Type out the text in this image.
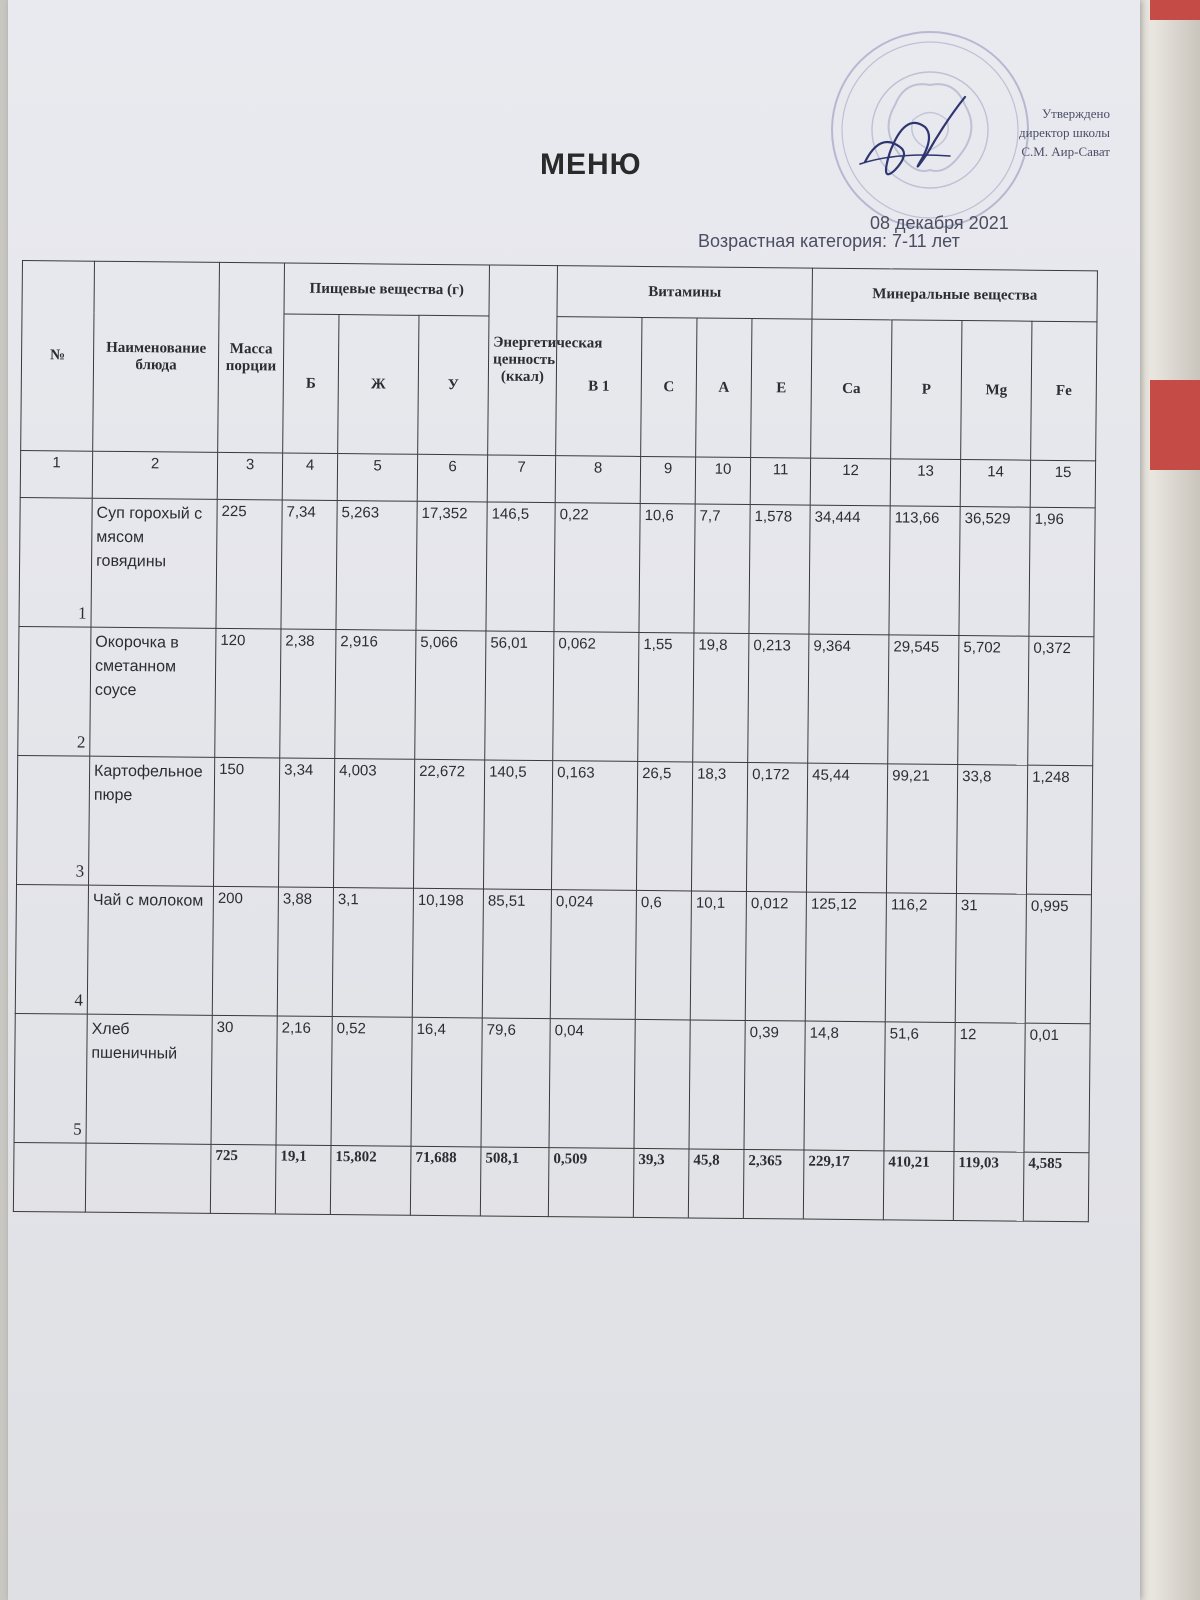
Утверждено
директор школы
С.М. Аир-Сават
МЕНЮ
08 декабря 2021
Возрастная категория: 7-11 лет
№	Наименование блюда	Масса порции	Пищевые вещества (г)			Энергетическая ценность (ккал)	Витамины				Минеральные вещества			
			Б	Ж	У		В 1	С	А	Е	Ca	P	Mg	Fe
1	2	3	4	5	6	7	8	9	10	11	12	13	14	15
1	Суп горохый с мясом говядины	225	7,34	5,263	17,352	146,5	0,22	10,6	7,7	1,578	34,444	113,66	36,529	1,96
2	Окорочка в сметанном соусе	120	2,38	2,916	5,066	56,01	0,062	1,55	19,8	0,213	9,364	29,545	5,702	0,372
3	Картофельное пюре	150	3,34	4,003	22,672	140,5	0,163	26,5	18,3	0,172	45,44	99,21	33,8	1,248
4	Чай с молоком	200	3,88	3,1	10,198	85,51	0,024	0,6	10,1	0,012	125,12	116,2	31	0,995
5	Хлеб пшеничный	30	2,16	0,52	16,4	79,6	0,04			0,39	14,8	51,6	12	0,01
		725	19,1	15,802	71,688	508,1	0,509	39,3	45,8	2,365	229,17	410,21	119,03	4,585
